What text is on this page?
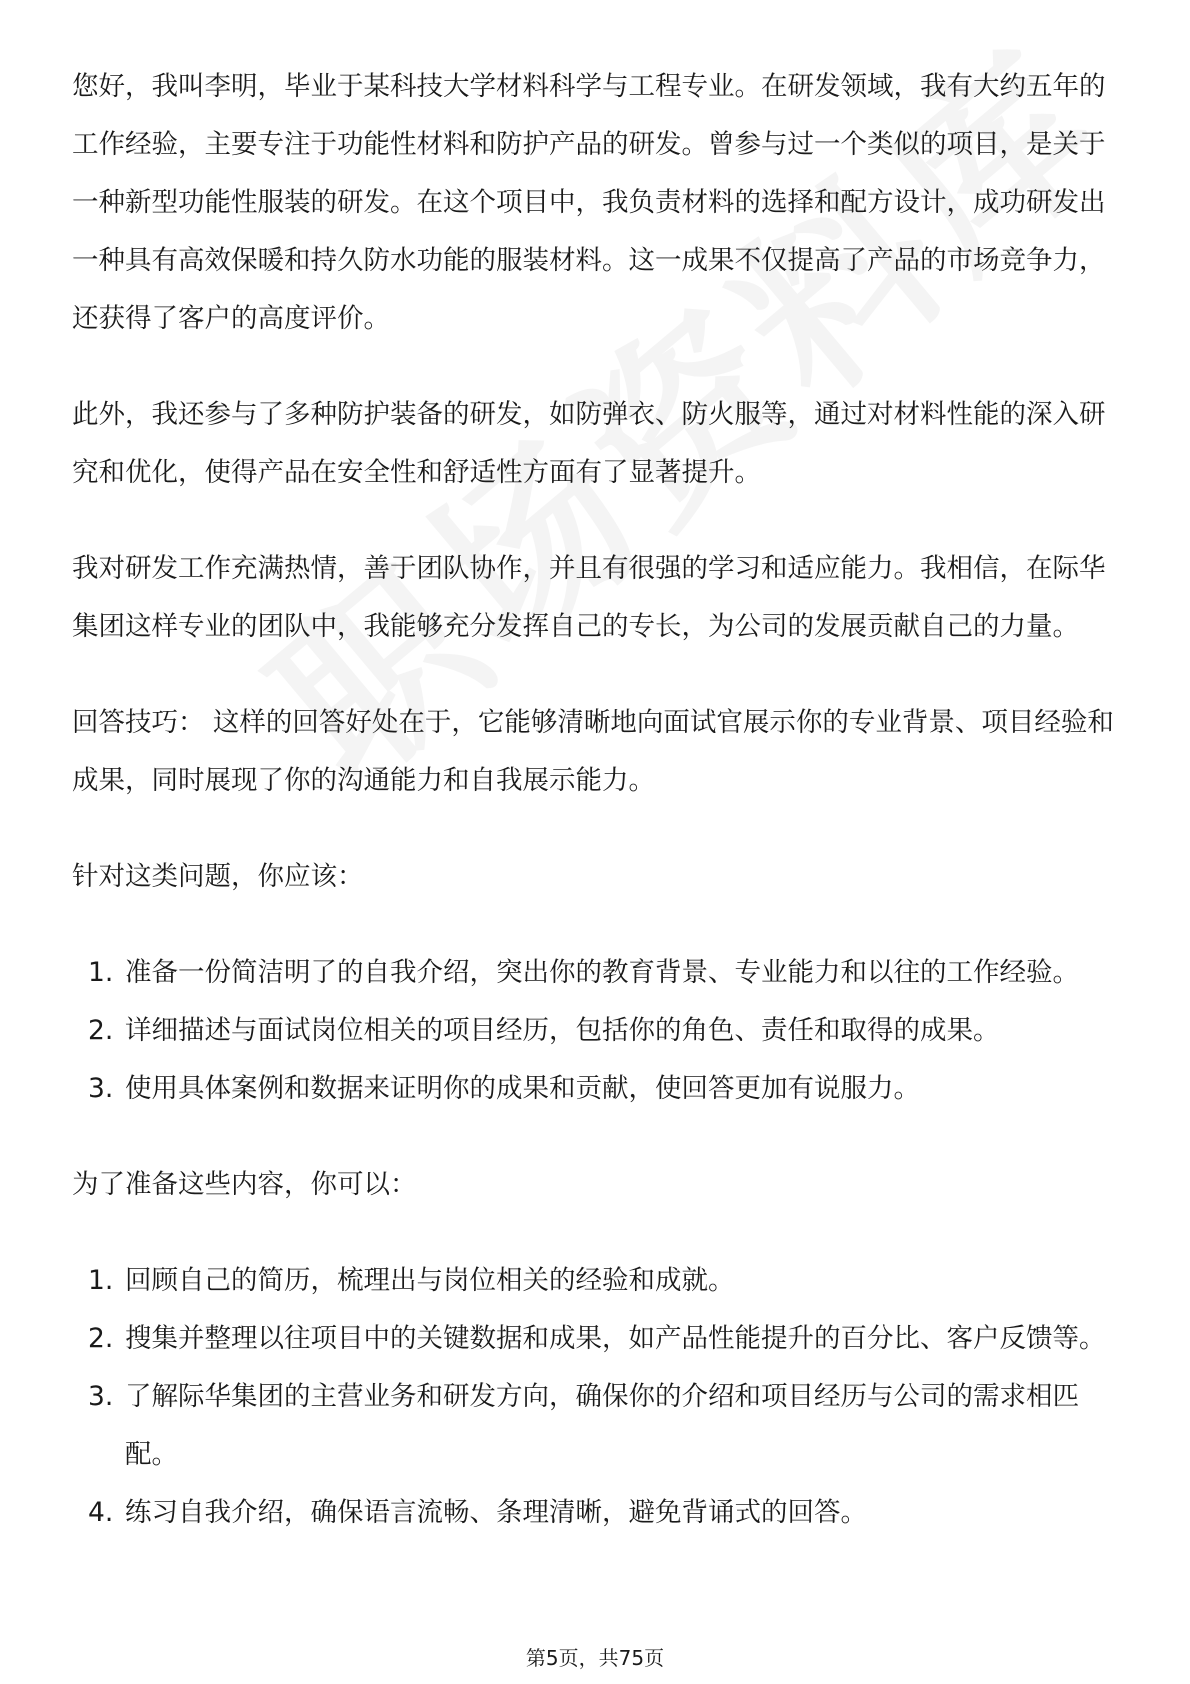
您好，我叫李明，毕业于某科技大学材料科学与工程专业。在研发领域，我有大约五年的工作经验，主要专注于功能性材料和防护产品的研发。曾参与过一个类似的项目，是关于一种新型功能性服装的研发。在这个项目中，我负责材料的选择和配方设计，成功研发出一种具有高效保暖和持久防水功能的服装材料。这一成果不仅提高了产品的市场竞争力，还获得了客户的高度评价。

此外，我还参与了多种防护装备的研发，如防弹衣、防火服等，通过对材料性能的深入研究和优化，使得产品在安全性和舒适性方面有了显著提升。

我对研发工作充满热情，善于团队协作，并且有很强的学习和适应能力。我相信，在际华集团这样专业的团队中，我能够充分发挥自己的专长，为公司的发展贡献自己的力量。

回答技巧： 这样的回答好处在于，它能够清晰地向面试官展示你的专业背景、项目经验和成果，同时展现了你的沟通能力和自我展示能力。

针对这类问题，你应该：

1. 准备一份简洁明了的自我介绍，突出你的教育背景、专业能力和以往的工作经验。
2. 详细描述与面试岗位相关的项目经历，包括你的角色、责任和取得的成果。
3. 使用具体案例和数据来证明你的成果和贡献，使回答更加有说服力。

为了准备这些内容，你可以：

1. 回顾自己的简历，梳理出与岗位相关的经验和成就。
2. 搜集并整理以往项目中的关键数据和成果，如产品性能提升的百分比、客户反馈等。
3. 了解际华集团的主营业务和研发方向，确保你的介绍和项目经历与公司的需求相匹配。
4. 练习自我介绍，确保语言流畅、条理清晰，避免背诵式的回答。
第5页，共75页
